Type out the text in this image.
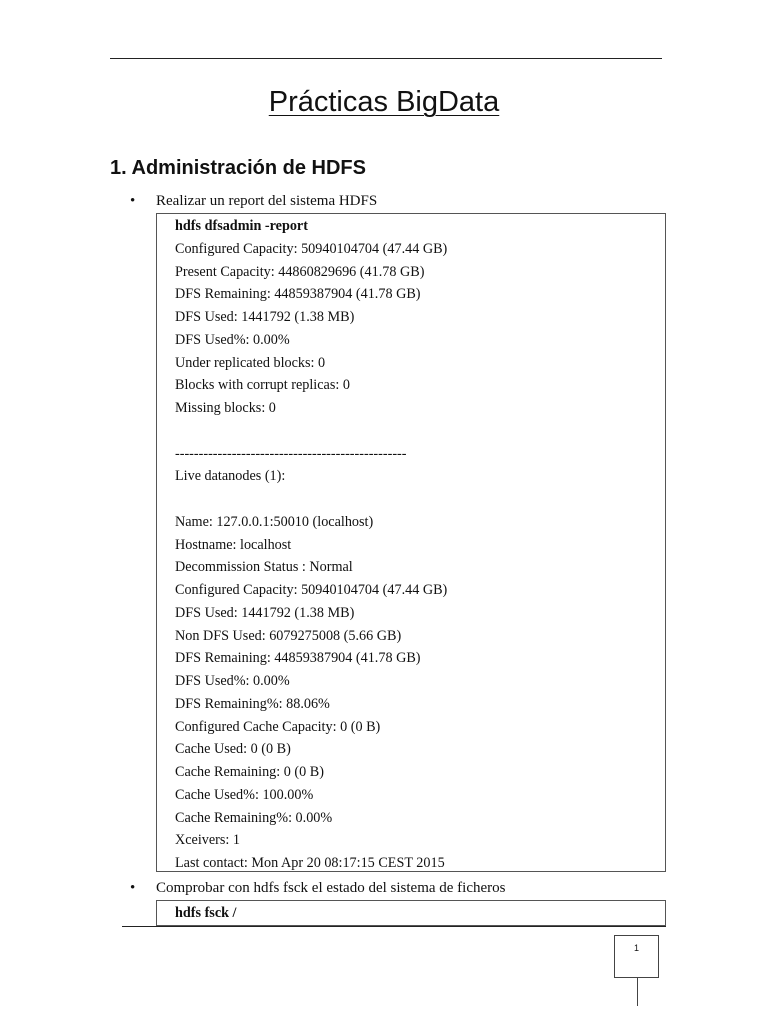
Prácticas BigData
1. Administración de HDFS
• Realizar un report del sistema HDFS
hdfs dfsadmin -report
Configured Capacity: 50940104704 (47.44 GB)
Present Capacity: 44860829696 (41.78 GB)
DFS Remaining: 44859387904 (41.78 GB)
DFS Used: 1441792 (1.38 MB)
DFS Used%: 0.00%
Under replicated blocks: 0
Blocks with corrupt replicas: 0
Missing blocks: 0
-------------------------------------------------
Live datanodes (1):
Name: 127.0.0.1:50010 (localhost)
Hostname: localhost
Decommission Status : Normal
Configured Capacity: 50940104704 (47.44 GB)
DFS Used: 1441792 (1.38 MB)
Non DFS Used: 6079275008 (5.66 GB)
DFS Remaining: 44859387904 (41.78 GB)
DFS Used%: 0.00%
DFS Remaining%: 88.06%
Configured Cache Capacity: 0 (0 B)
Cache Used: 0 (0 B)
Cache Remaining: 0 (0 B)
Cache Used%: 100.00%
Cache Remaining%: 0.00%
Xceivers: 1
Last contact: Mon Apr 20 08:17:15 CEST 2015
• Comprobar con hdfs fsck el estado del sistema de ficheros
hdfs fsck /
1
